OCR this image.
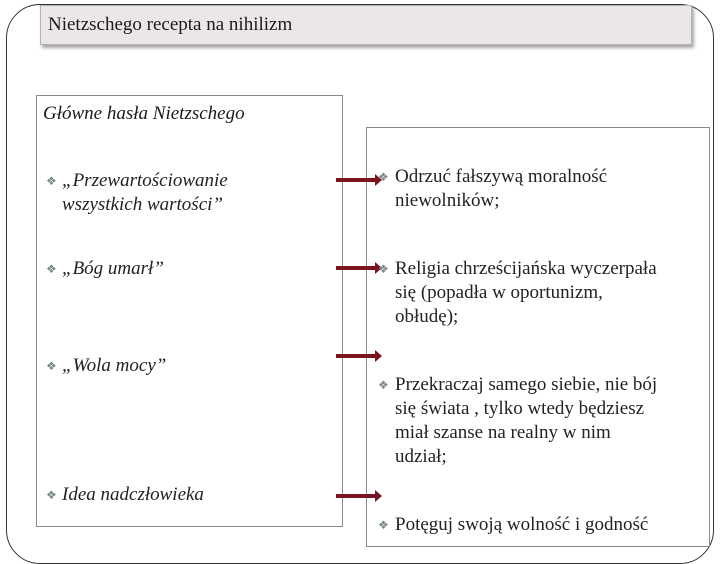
Nietzschego recepta na nihilizm
Główne hasła Nietzschego
❖ „Przewartościowanie
wszystkich wartości”
❖ „Bóg umarł”
❖ „Wola mocy”
❖ Idea nadczłowieka
❖ Odrzuć fałszywą moralność
niewolników;
❖ Religia chrześcijańska wyczerpała
się (popadła w oportunizm,
obłudę);
❖ Przekraczaj samego siebie, nie bój
się świata , tylko wtedy będziesz
miał szanse na realny w nim
udział;
❖ Potęguj swoją wolność i godność
